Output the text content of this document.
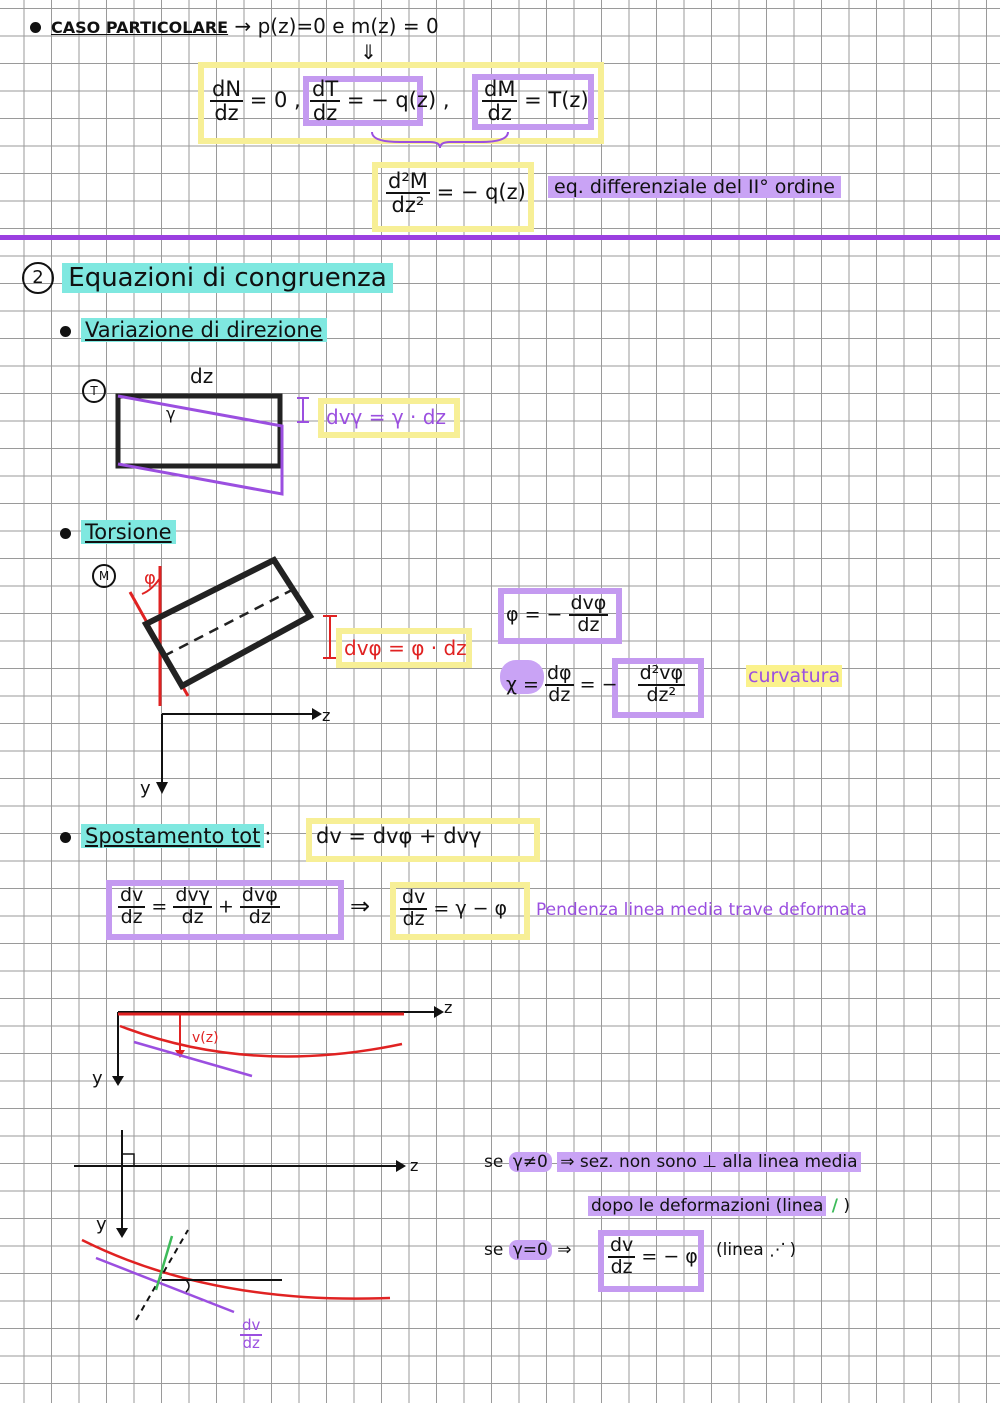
CASO PARTICOLARE → p(z)=0 e m(z) = 0
⇓
$\frac{dN}{dz} = 0$ , $\frac{dT}{dz}$ = − q(z) , $\frac{dM}{dz} = T(z)$
$\frac{\text{d²M}}{\text{dz²}}$ = − q(z)	eq. differenziale del II° ordine
2 Equazioni di congruenza
Variazione di direzione
T
dz
γ	dvγ = γ · dz
Torsione
M	φ
z
y
dvφ = φ · dz
φ = − $\frac{\text{dvφ}}{dz}$
$\chi = \frac{d\varphi}{dz}$ = − $\frac{\text{d²vφ}}{\text{dz²}}$	curvatura
Spostamento tot : dv = dvφ + dvγ
$\frac{dv}{dz} = \frac{\text{dvγ}}{dz} + \frac{\text{dvφ}}{dz}$	⇒ $\frac{dv}{dz} = \gamma - \varphi$ Pendenza linea media trave deformata
z
y
v(z)
z
y
$\frac{dv}{dz}$
se γ≠0 ⇒ sez. non sono ⊥ alla linea media
dopo le deformazioni (linea / )
se γ=0 ⇒ $\frac{dv}{dz}$ = − φ (linea ⋰ )
